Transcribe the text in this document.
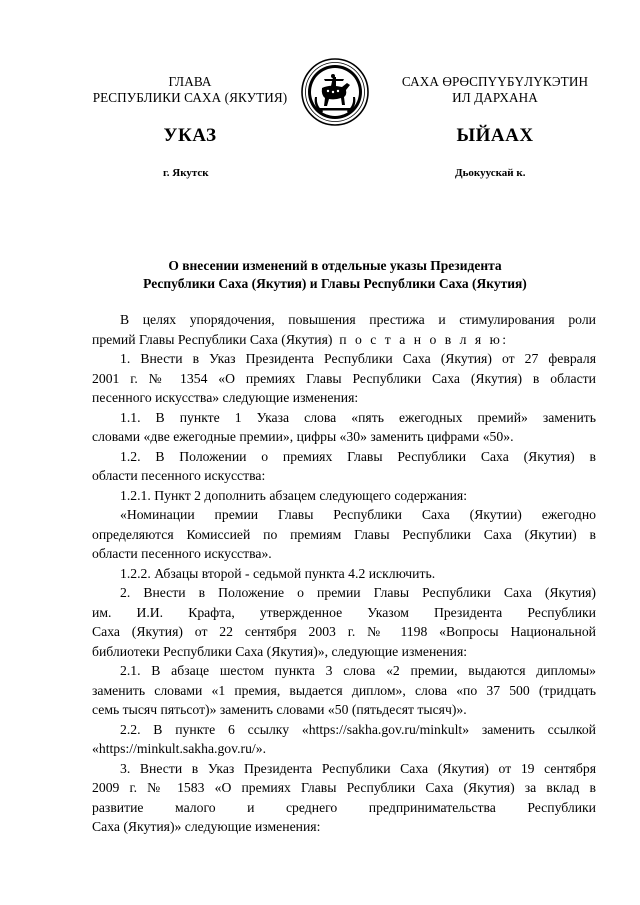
ГЛАВА
РЕСПУБЛИКИ САХА (ЯКУТИЯ)
САХА ӨРӨСПҮҮБҮЛҮКЭТИН
ИЛ ДАРХАНА
УКАЗ	ЫЙААХ
г. Якутск	Дьокуускай к.
О внесении изменений в отдельные указы Президента
Республики Саха (Якутия) и Главы Республики Саха (Якутия)
В целях упорядочения, повышения престижа и стимулирования роли
премий Главы Республики Саха (Якутия) п о с т а н о в л я ю:
1. Внести в Указ Президента Республики Саха (Якутия) от 27 февраля
2001 г. № 1354 «О премиях Главы Республики Саха (Якутия) в области
песенного искусства» следующие изменения:
1.1. В пункте 1 Указа слова «пять ежегодных премий» заменить
словами «две ежегодные премии», цифры «30» заменить цифрами «50».
1.2. В Положении о премиях Главы Республики Саха (Якутия) в
области песенного искусства:
1.2.1. Пункт 2 дополнить абзацем следующего содержания:
«Номинации премии Главы Республики Саха (Якутии) ежегодно
определяются Комиссией по премиям Главы Республики Саха (Якутии) в
области песенного искусства».
1.2.2. Абзацы второй - седьмой пункта 4.2 исключить.
2. Внести в Положение о премии Главы Республики Саха (Якутия)
им. И.И. Крафта, утвержденное Указом Президента Республики
Саха (Якутия) от 22 сентября 2003 г. № 1198 «Вопросы Национальной
библиотеки Республики Саха (Якутия)», следующие изменения:
2.1. В абзаце шестом пункта 3 слова «2 премии, выдаются дипломы»
заменить словами «1 премия, выдается диплом», слова «по 37 500 (тридцать
семь тысяч пятьсот)» заменить словами «50 (пятьдесят тысяч)».
2.2. В пункте 6 ссылку «https://sakha.gov.ru/minkult» заменить ссылкой
«https://minkult.sakha.gov.ru/».
3. Внести в Указ Президента Республики Саха (Якутия) от 19 сентября
2009 г. № 1583 «О премиях Главы Республики Саха (Якутия) за вклад в
развитие малого и среднего предпринимательства Республики
Саха (Якутия)» следующие изменения:
